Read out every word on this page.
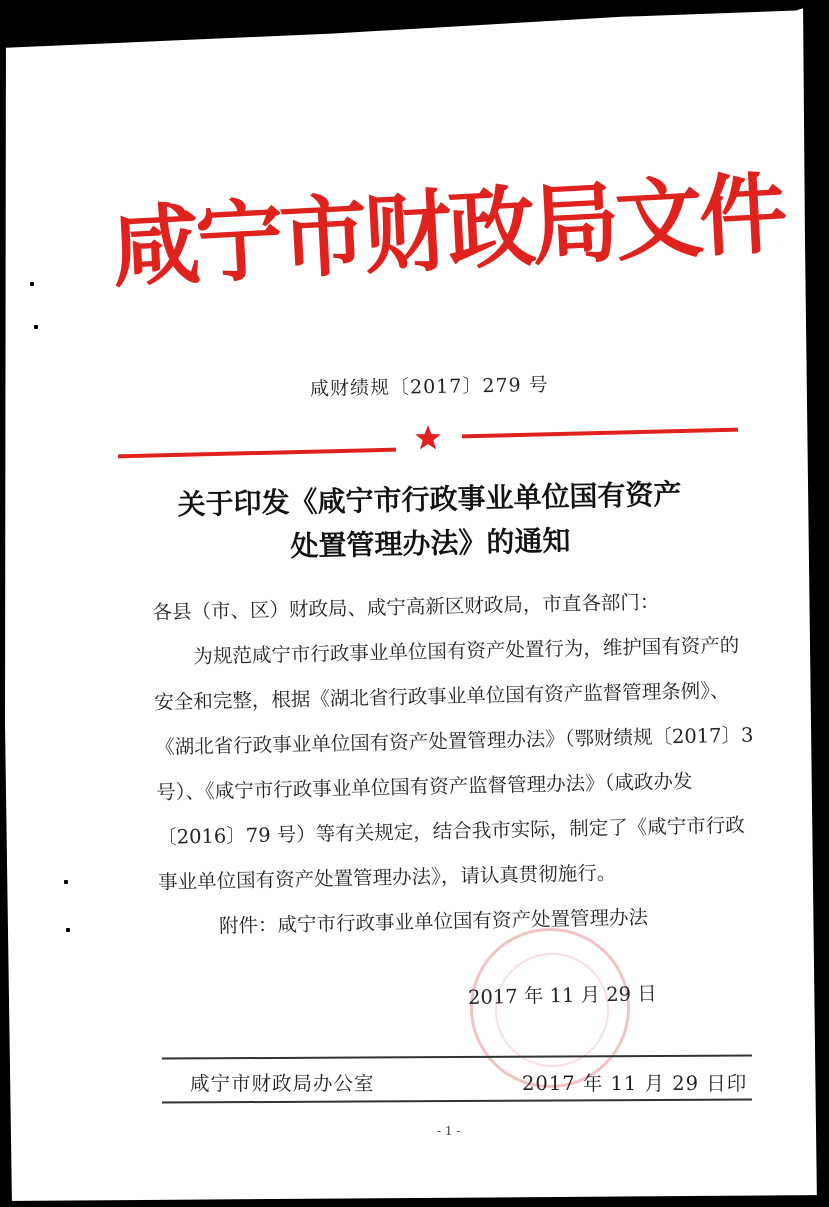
咸宁市财政局文件
咸财绩规〔2017〕279 号
关于印发《咸宁市行政事业单位国有资产
处置管理办法》的通知

各县（市、区）财政局、咸宁高新区财政局，市直各部门：

为规范咸宁市行政事业单位国有资产处置行为，维护国有资产的安全和完整，根据《湖北省行政事业单位国有资产监督管理条例》、《湖北省行政事业单位国有资产处置管理办法》（鄂财绩规〔2017〕3 号）、《咸宁市行政事业单位国有资产监督管理办法》（咸政办发〔2016〕79 号）等有关规定，结合我市实际，制定了《咸宁市行政事业单位国有资产处置管理办法》，请认真贯彻施行。

附件：咸宁市行政事业单位国有资产处置管理办法

2017 年 11 月 29 日
咸宁市财政局办公室	2017 年 11 月 29 日印
- 1 -
